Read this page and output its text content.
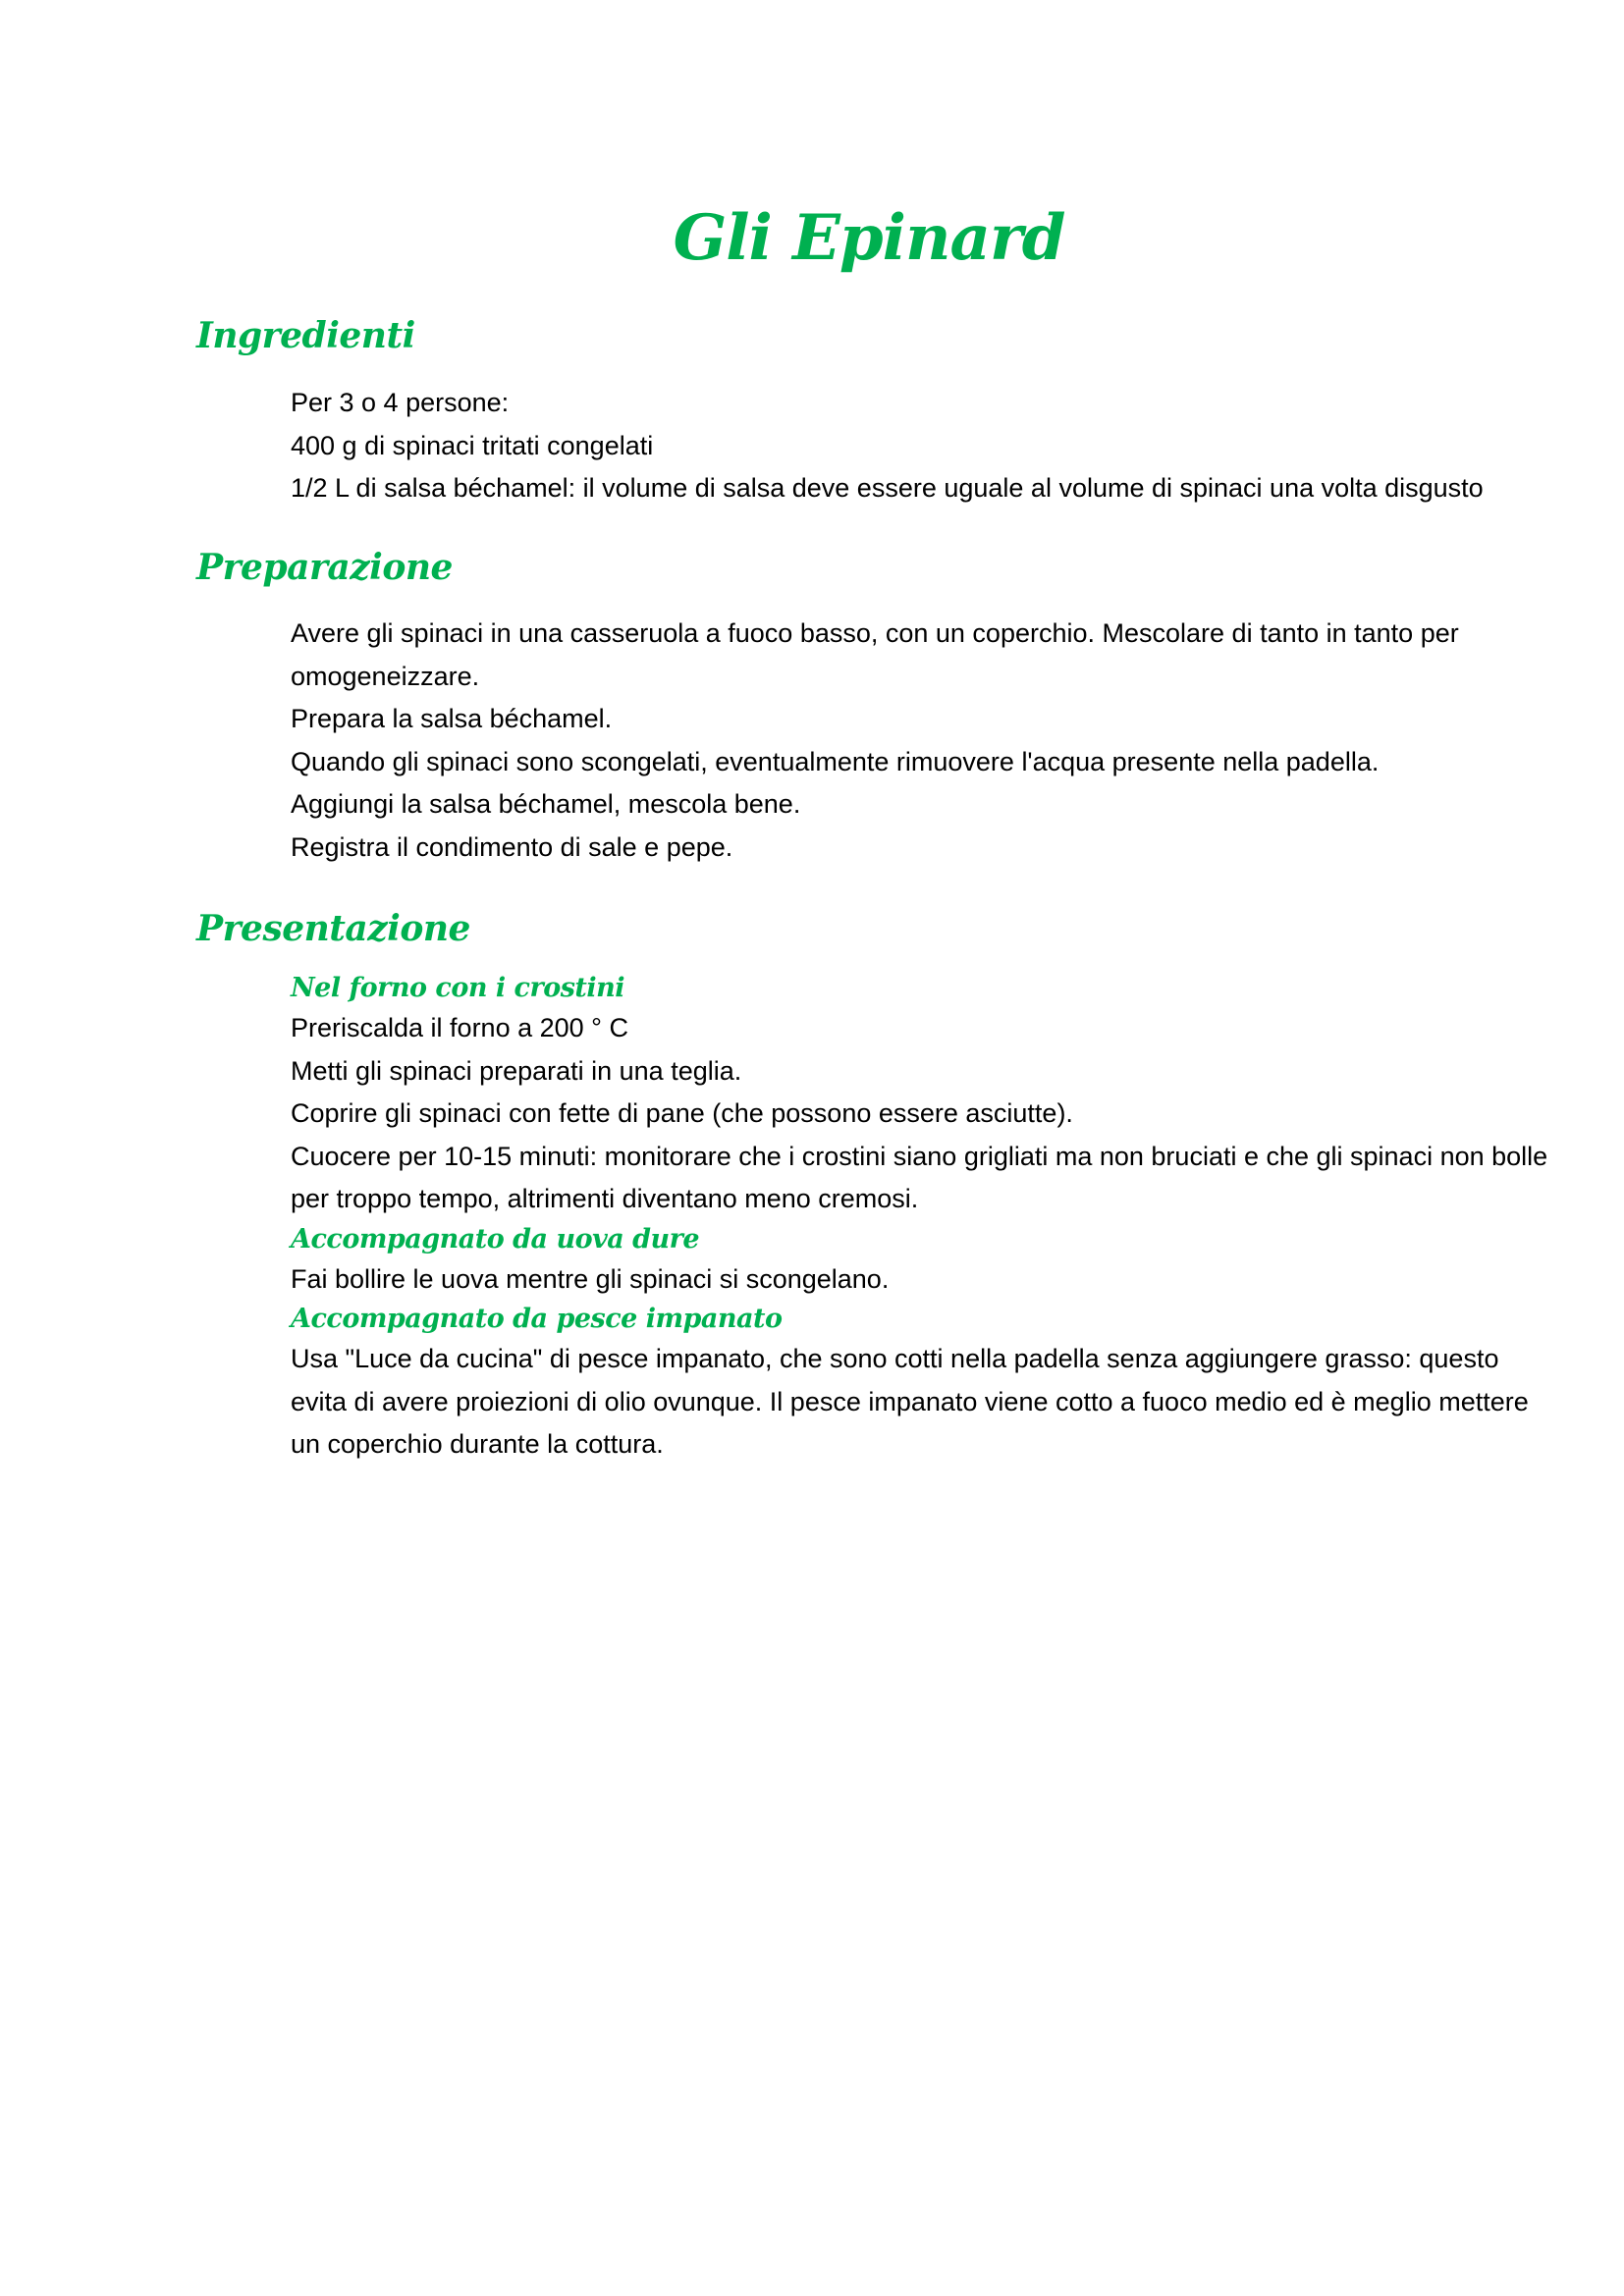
Gli Epinard
Ingredienti
Per 3 o 4 persone:
400 g di spinaci tritati congelati
1/2 L di salsa béchamel: il volume di salsa deve essere uguale al volume di spinaci una volta disgusto
Preparazione
Avere gli spinaci in una casseruola a fuoco basso, con un coperchio. Mescolare di tanto in tanto per omogeneizzare.
Prepara la salsa béchamel.
Quando gli spinaci sono scongelati, eventualmente rimuovere l'acqua presente nella padella.
Aggiungi la salsa béchamel, mescola bene.
Registra il condimento di sale e pepe.
Presentazione
Nel forno con i crostini

Preriscalda il forno a 200 ° C

Metti gli spinaci preparati in una teglia.

Coprire gli spinaci con fette di pane (che possono essere asciutte).

Cuocere per 10-15 minuti: monitorare che i crostini siano grigliati ma non bruciati e che gli spinaci non bolle per troppo tempo, altrimenti diventano meno cremosi.

Accompagnato da uova dure

Fai bollire le uova mentre gli spinaci si scongelano.

Accompagnato da pesce impanato

Usa "Luce da cucina" di pesce impanato, che sono cotti nella padella senza aggiungere grasso: questo evita di avere proiezioni di olio ovunque. Il pesce impanato viene cotto a fuoco medio ed è meglio mettere un coperchio durante la cottura.
